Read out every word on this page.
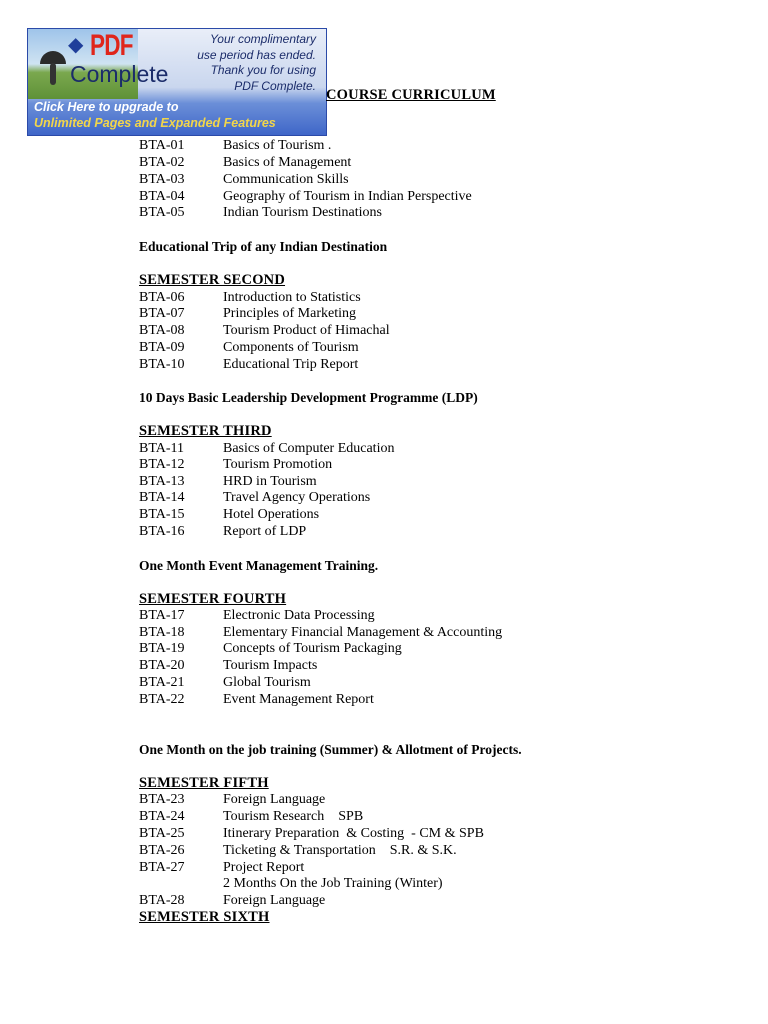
◆ PDF
Complete
Your complimentary
use period has ended.
Thank you for using
PDF Complete.
Click Here to upgrade to
Unlimited Pages and Expanded Features
COURSE CURRICULUM
BTA-01	Basics of Tourism .
BTA-02	Basics of Management
BTA-03	Communication Skills
BTA-04	Geography of Tourism in Indian Perspective
BTA-05	Indian Tourism Destinations
Educational Trip of any Indian Destination
SEMESTER SECOND
BTA-06	Introduction to Statistics
BTA-07	Principles of Marketing
BTA-08	Tourism Product of Himachal
BTA-09	Components of Tourism
BTA-10	Educational Trip Report
10 Days Basic Leadership Development Programme (LDP)
SEMESTER THIRD
BTA-11	Basics of Computer Education
BTA-12	Tourism Promotion
BTA-13	HRD in Tourism
BTA-14	Travel Agency Operations
BTA-15	Hotel Operations
BTA-16	Report of LDP
One Month Event Management Training.
SEMESTER FOURTH
BTA-17	Electronic Data Processing
BTA-18	Elementary Financial Management & Accounting
BTA-19	Concepts of Tourism Packaging
BTA-20	Tourism Impacts
BTA-21	Global Tourism
BTA-22	Event Management Report
One Month on the job training (Summer) & Allotment of Projects.
SEMESTER FIFTH
BTA-23	Foreign Language
BTA-24	Tourism Research    SPB
BTA-25	Itinerary Preparation  & Costing  - CM & SPB
BTA-26	Ticketing & Transportation    S.R. & S.K.
BTA-27	Project Report
2 Months On the Job Training (Winter)
BTA-28	Foreign Language
SEMESTER SIXTH
